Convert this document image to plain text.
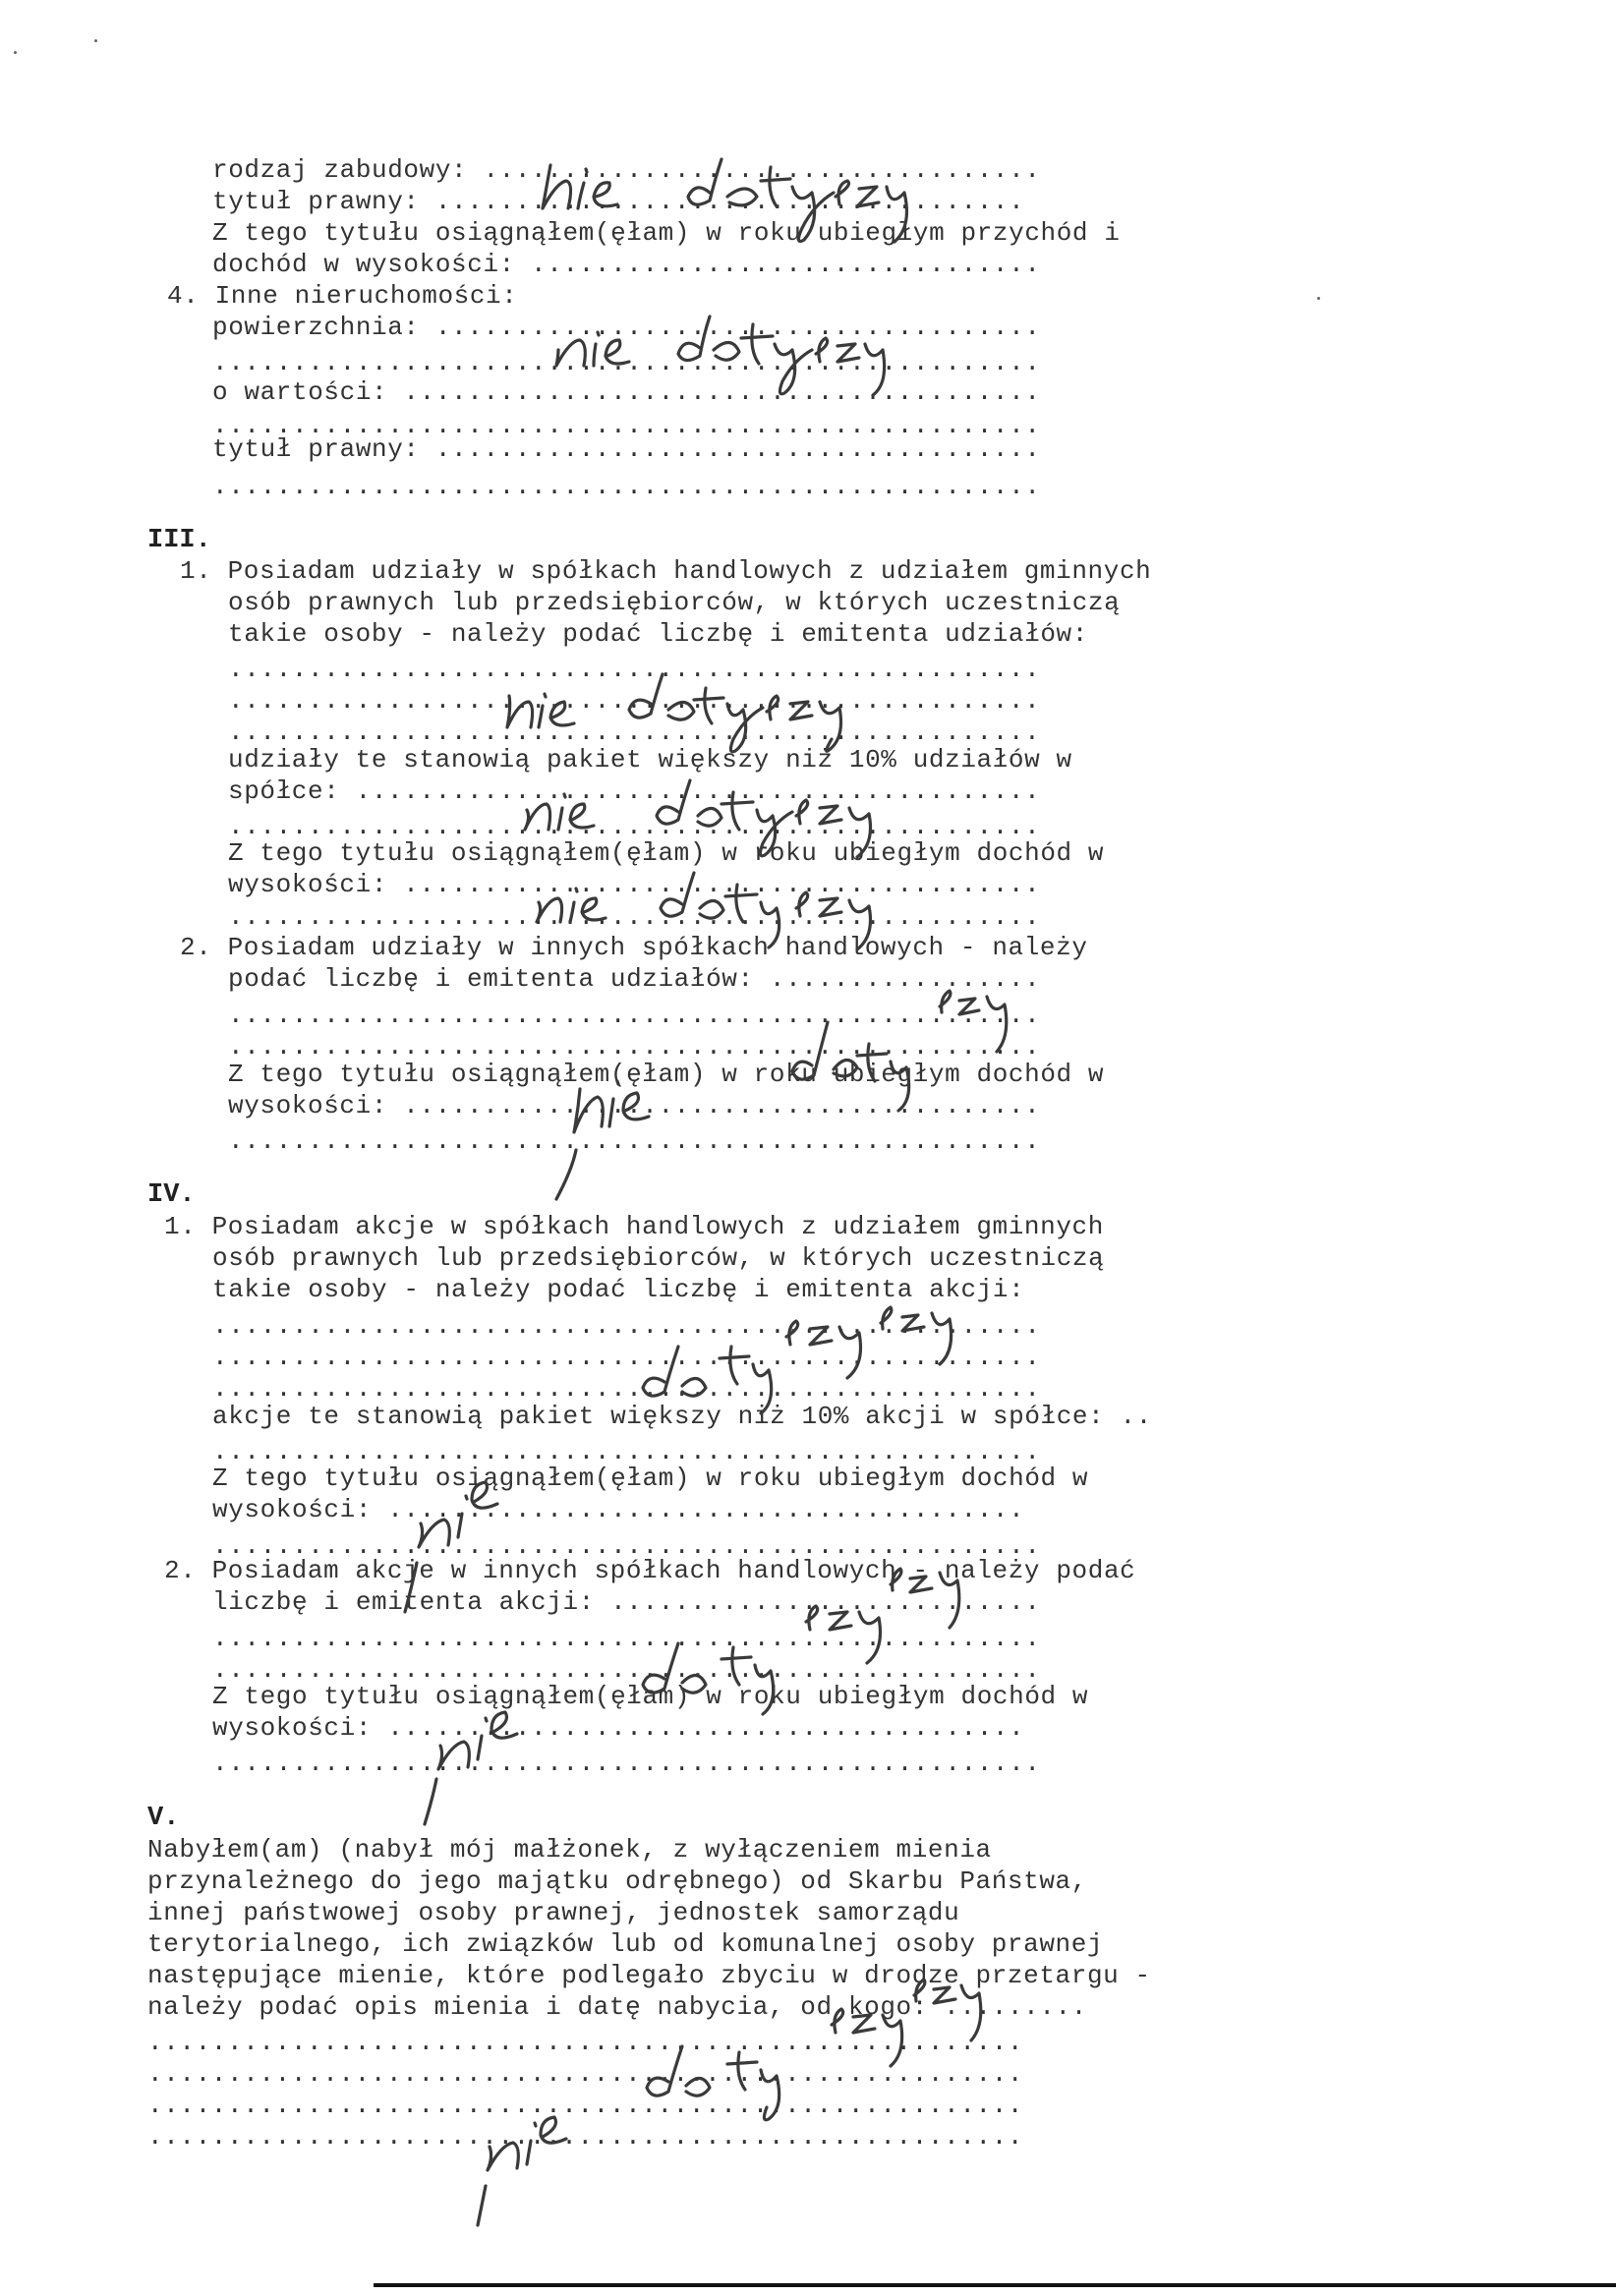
rodzaj zabudowy: ...................................
tytuł prawny: .....................................
Z tego tytułu osiągnąłem(ęłam) w roku ubiegłym przychód i
dochód w wysokości: ................................
4. Inne nieruchomości:
powierzchnia: ......................................
....................................................
o wartości: ........................................
....................................................
tytuł prawny: ......................................
....................................................
III.
1. Posiadam udziały w spółkach handlowych z udziałem gminnych
osób prawnych lub przedsiębiorców, w których uczestniczą
takie osoby - należy podać liczbę i emitenta udziałów:
...................................................
...................................................
...................................................
udziały te stanowią pakiet większy niż 10% udziałów w
spółce: ...........................................
...................................................
Z tego tytułu osiągnąłem(ęłam) w roku ubiegłym dochód w
wysokości: ........................................
...................................................
2. Posiadam udziały w innych spółkach handlowych - należy
podać liczbę i emitenta udziałów: .................
...................................................
...................................................
Z tego tytułu osiągnąłem(ęłam) w roku ubiegłym dochód w
wysokości: ........................................
...................................................
IV.
1. Posiadam akcje w spółkach handlowych z udziałem gminnych
osób prawnych lub przedsiębiorców, w których uczestniczą
takie osoby - należy podać liczbę i emitenta akcji:
....................................................
....................................................
....................................................
akcje te stanowią pakiet większy niż 10% akcji w spółce: ..
....................................................
Z tego tytułu osiągnąłem(ęłam) w roku ubiegłym dochód w
wysokości: ........................................
....................................................
2. Posiadam akcje w innych spółkach handlowych - należy podać
liczbę i emitenta akcji: ...........................
....................................................
....................................................
Z tego tytułu osiągnąłem(ęłam) w roku ubiegłym dochód w
wysokości: ........................................
....................................................
V.
Nabyłem(am) (nabył mój małżonek, z wyłączeniem mienia
przynależnego do jego majątku odrębnego) od Skarbu Państwa,
innej państwowej osoby prawnej, jednostek samorządu
terytorialnego, ich związków lub od komunalnej osoby prawnej
następujące mienie, które podlegało zbyciu w drodze przetargu -
należy podać opis mienia i datę nabycia, od kogo: .........
.......................................................
.......................................................
.......................................................
.......................................................
